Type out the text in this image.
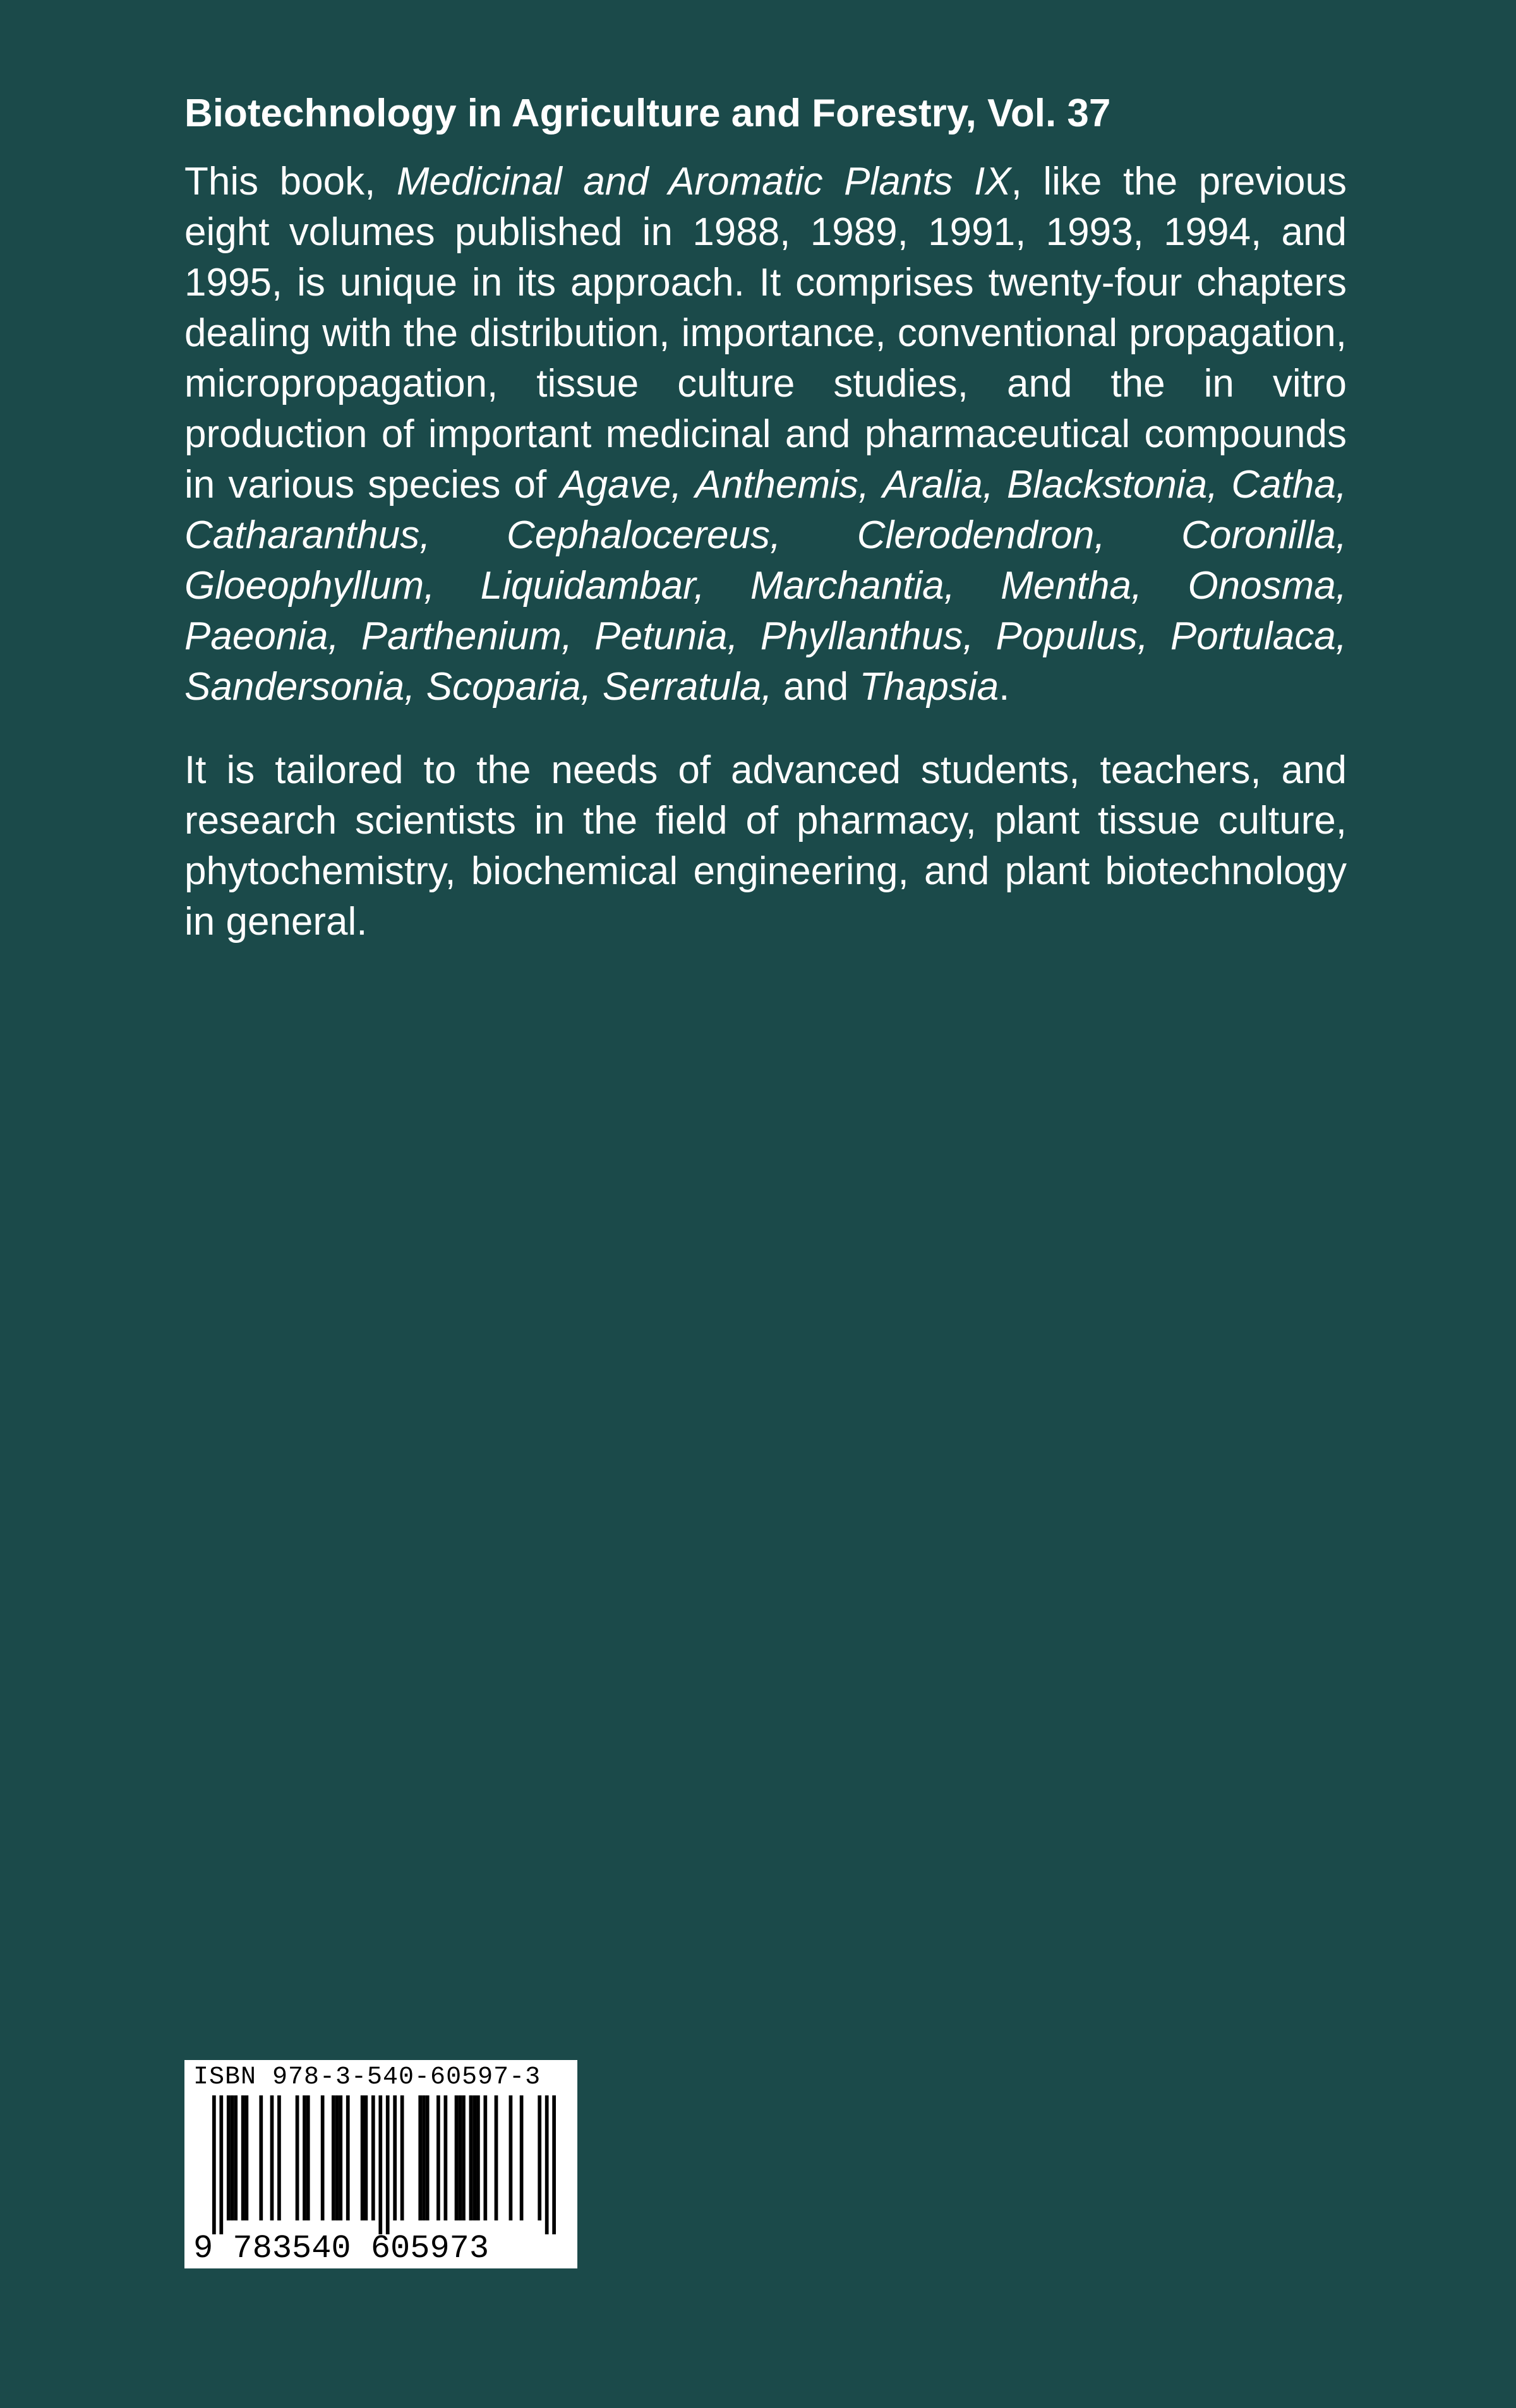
Biotechnology in Agriculture and Forestry, Vol. 37

This book, Medicinal and Aromatic Plants IX, like the previous eight volumes published in 1988, 1989, 1991, 1993, 1994, and 1995, is unique in its approach. It comprises twenty-four chapters dealing with the distribution, importance, conventional propagation, micropropagation, tissue culture studies, and the in vitro production of important medicinal and pharmaceutical compounds in various species of Agave, Anthemis, Aralia, Blackstonia, Catha, Catharanthus, Cephalocereus, Clerodendron, Coronilla, Gloeophyllum, Liquidambar, Marchantia, Mentha, Onosma, Paeonia, Parthenium, Petunia, Phyllanthus, Populus, Portulaca, Sandersonia, Scoparia, Serratula, and Thapsia.

It is tailored to the needs of advanced students, teachers, and research scientists in the field of pharmacy, plant tissue culture, phytochemistry, biochemical engineering, and plant biotechnology in general.

ISBN 978-3-540-60597-3
9 783540 605973
